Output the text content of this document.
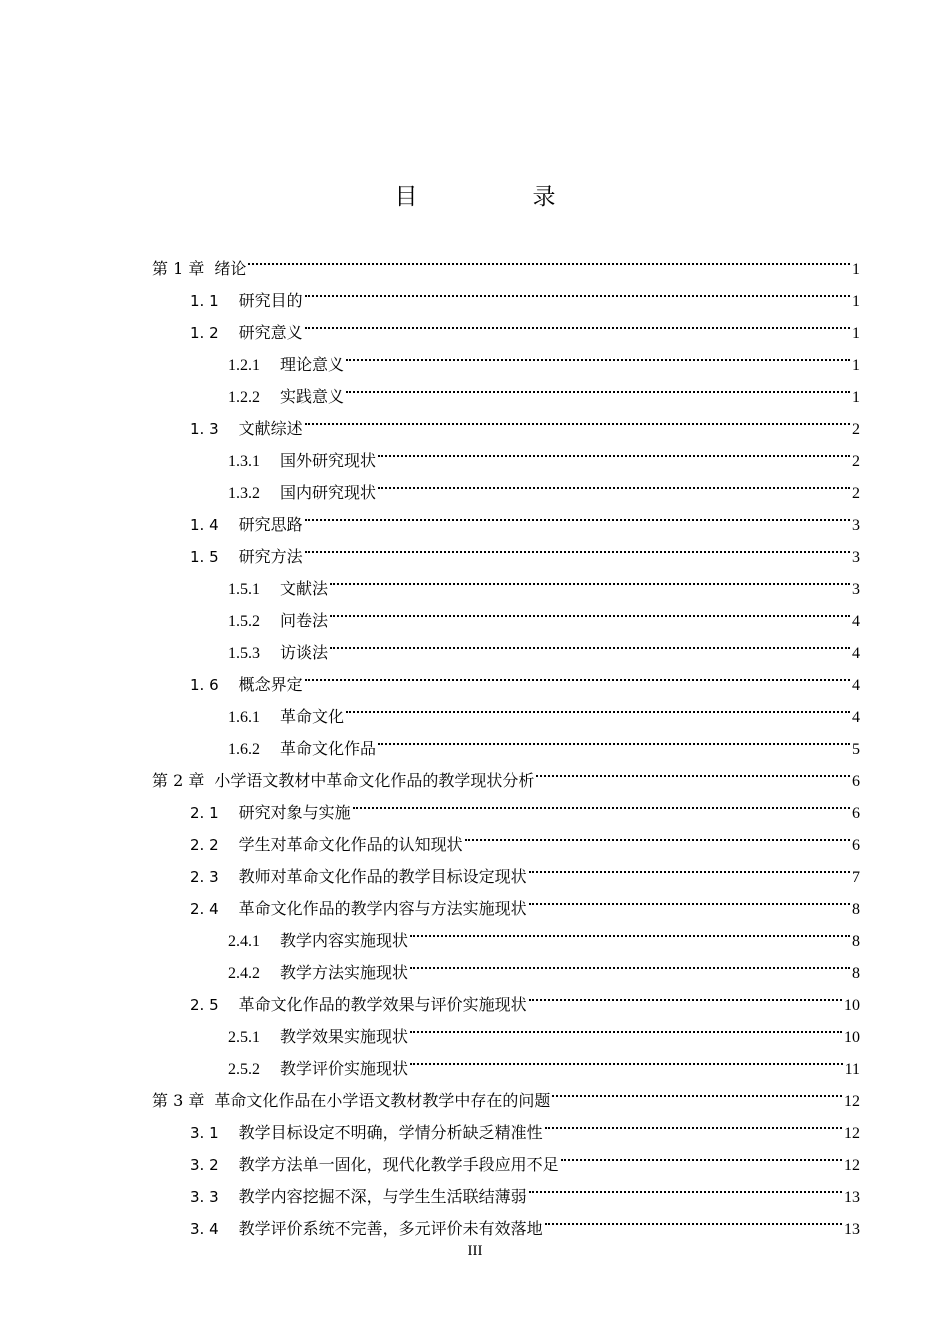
目　录
第 1 章 绪论	1
1. 1 研究目的	1
1. 2 研究意义	1
1.2.1 理论意义	1
1.2.2 实践意义	1
1. 3 文献综述	2
1.3.1 国外研究现状	2
1.3.2 国内研究现状	2
1. 4 研究思路	3
1. 5 研究方法	3
1.5.1 文献法	3
1.5.2 问卷法	4
1.5.3 访谈法	4
1. 6 概念界定	4
1.6.1 革命文化	4
1.6.2 革命文化作品	5
第 2 章 小学语文教材中革命文化作品的教学现状分析	6
2. 1 研究对象与实施	6
2. 2 学生对革命文化作品的认知现状	6
2. 3 教师对革命文化作品的教学目标设定现状	7
2. 4 革命文化作品的教学内容与方法实施现状	8
2.4.1 教学内容实施现状	8
2.4.2 教学方法实施现状	8
2. 5 革命文化作品的教学效果与评价实施现状	10
2.5.1 教学效果实施现状	10
2.5.2 教学评价实施现状	11
第 3 章 革命文化作品在小学语文教材教学中存在的问题	12
3. 1 教学目标设定不明确，学情分析缺乏精准性	12
3. 2 教学方法单一固化，现代化教学手段应用不足	12
3. 3 教学内容挖掘不深，与学生生活联结薄弱	13
3. 4 教学评价系统不完善，多元评价未有效落地	13
III
